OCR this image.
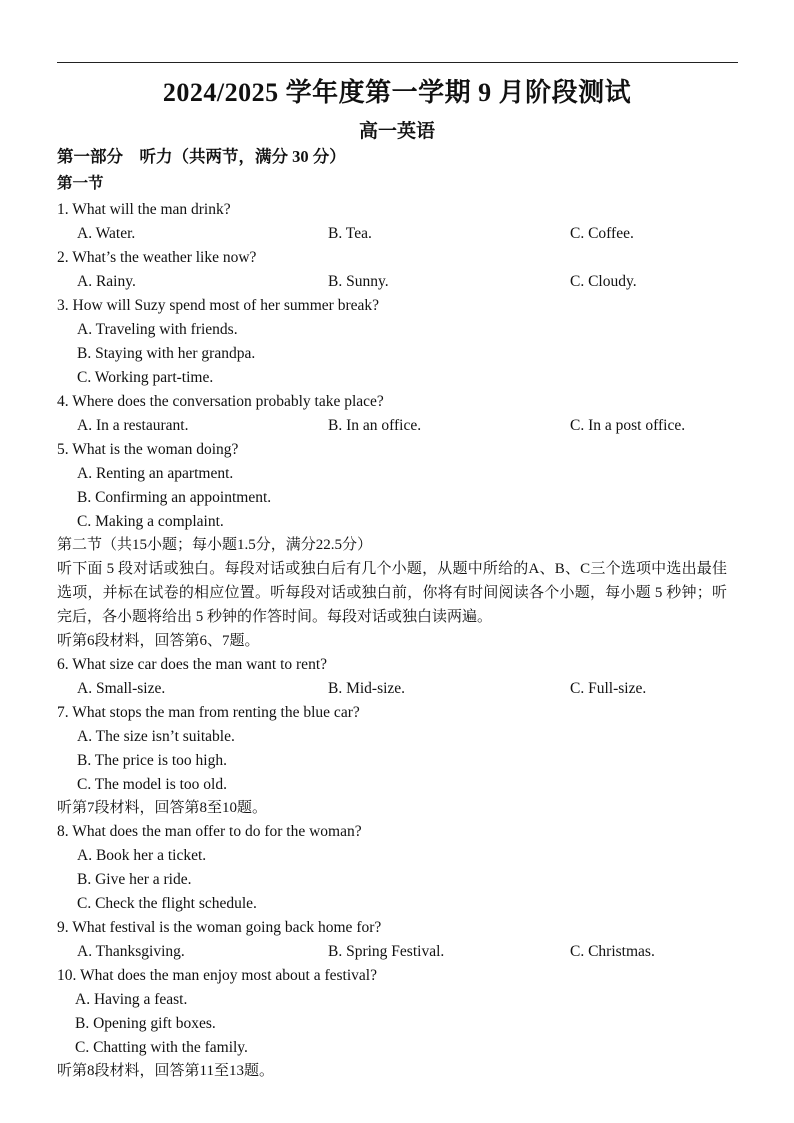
2024/2025 学年度第一学期 9 月阶段测试
高一英语
第一部分　听力（共两节，满分 30 分）
第一节
1. What will the man drink?
A. Water.	B. Tea.	C. Coffee.
2. What’s the weather like now?
A. Rainy.	B. Sunny.	C. Cloudy.
3. How will Suzy spend most of her summer break?
A. Traveling with friends.
B. Staying with her grandpa.
C. Working part-time.
4. Where does the conversation probably take place?
A. In a restaurant.	B. In an office.	C. In a post office.
5. What is the woman doing?
A. Renting an apartment.
B. Confirming an appointment.
C. Making a complaint.
第二节（共15小题；每小题1.5分，满分22.5分）
听下面 5 段对话或独白。每段对话或独白后有几个小题，从题中所给的A、B、C三个选项中选出最佳选项，并标在试卷的相应位置。听每段对话或独白前，你将有时间阅读各个小题，每小题 5 秒钟；听完后，各小题将给出 5 秒钟的作答时间。每段对话或独白读两遍。
听第6段材料，回答第6、7题。
6. What size car does the man want to rent?
A. Small-size.	B. Mid-size.	C. Full-size.
7. What stops the man from renting the blue car?
A. The size isn’t suitable.
B. The price is too high.
C. The model is too old.
听第7段材料，回答第8至10题。
8. What does the man offer to do for the woman?
A. Book her a ticket.
B. Give her a ride.
C. Check the flight schedule.
9. What festival is the woman going back home for?
A. Thanksgiving.	B. Spring Festival.	C. Christmas.
10. What does the man enjoy most about a festival?
A. Having a feast.
B. Opening gift boxes.
C. Chatting with the family.
听第8段材料，回答第11至13题。
